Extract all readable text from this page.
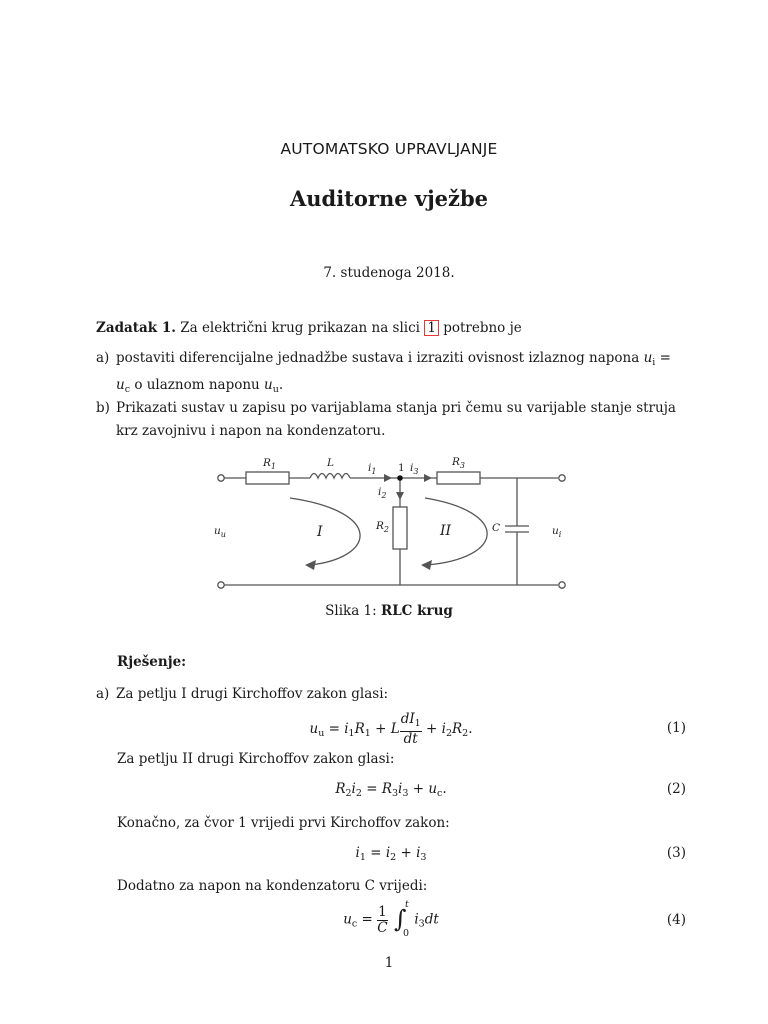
AUTOMATSKO UPRAVLJANJE
Auditorne vježbe
7. studenoga 2018.
Zadatak 1. Za električni krug prikazan na slici 1 potrebno je
a) postaviti diferencijalne jednadžbe sustava i izraziti ovisnost izlaznog napona $u_i = u_c$ o ulaznom naponu $u_u$.
b) Prikazati sustav u zapisu po varijablama stanja pri čemu su varijable stanje struja krz zavojnivu i napon na kondenzatoru.
$R_1$	L	$i_1$ 1 $i_3$
$R_3$
$i_2$
$R_2$	C
$u_u$	$u_i$
I	II
Slika 1: RLC krug
Rješenje:
a) Za petlju I drugi Kirchoffov zakon glasi:
$u_u = i_1R_1 + L \frac{dI_1}{dt} + i_2R_2$.	(1)
Za petlju II drugi Kirchoffov zakon glasi:
$R_2i_2 = R_3i_3 + u_c$.	(2)
Konačno, za čvor 1 vrijedi prvi Kirchoffov zakon:
$i_1 = i_2 + i_3$	(3)
Dodatno za napon na kondenzatoru C vrijedi:
$u_c = \frac{1}{C}$
∫
t
0
$i_3dt$	(4)
1
